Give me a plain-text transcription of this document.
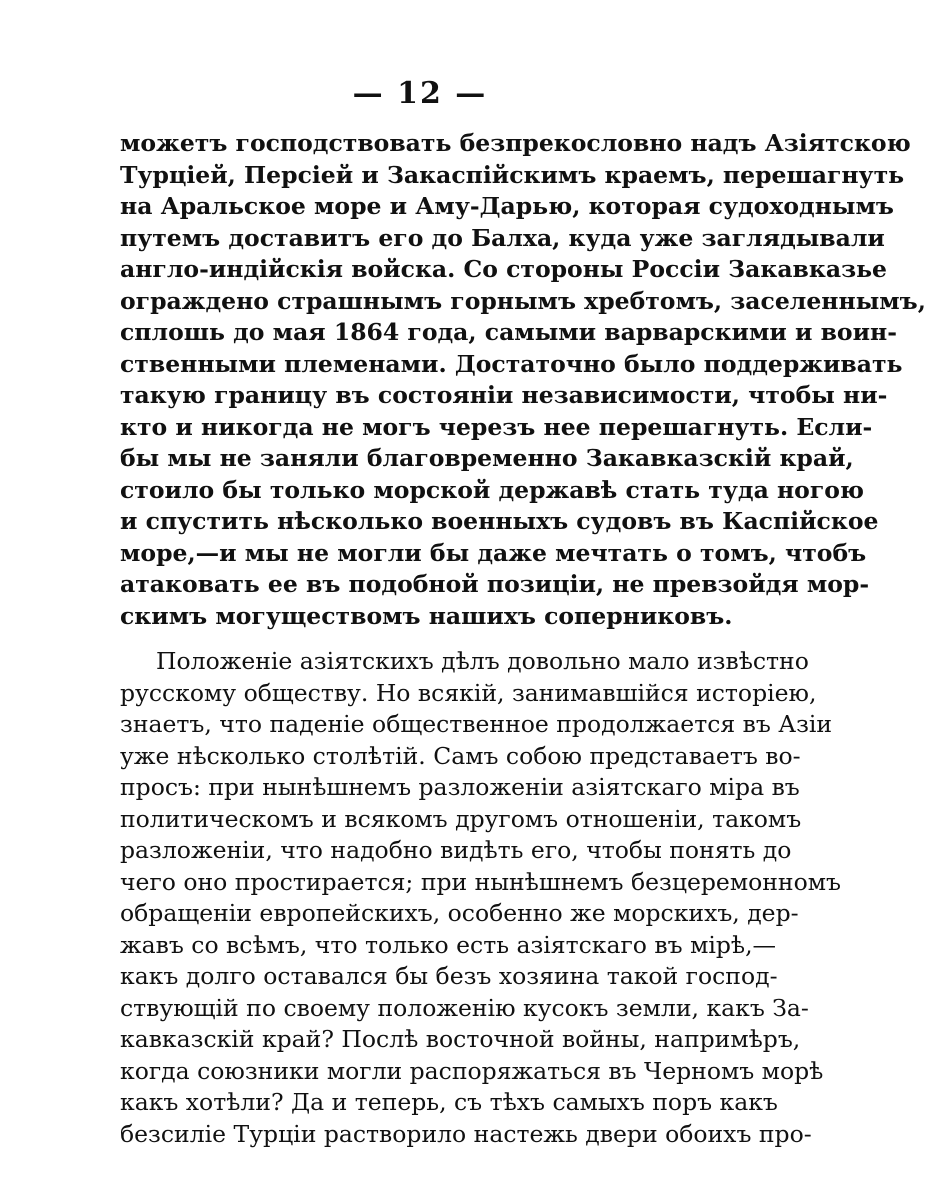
— 12 —
можетъ господствовать безпрекословно надъ Азіятскою
Турціей, Персіей и Закаспійскимъ краемъ, перешагнуть
на Аральское море и Аму-Дарью, которая судоходнымъ
путемъ доставитъ его до Балха, куда уже заглядывали
англо-индійскія войска. Со стороны Россіи Закавказье
ограждено страшнымъ горнымъ хребтомъ, заселеннымъ,
сплошь до мая 1864 года, самыми варварскими и воин-
ственными племенами. Достаточно было поддерживать
такую границу въ состояніи независимости, чтобы ни-
кто и никогда не могъ черезъ нее перешагнуть. Если-
бы мы не заняли благовременно Закавказскій край,
стоило бы только морской державѣ стать туда ногою
и спустить нѣсколько военныхъ судовъ въ Каспійское
море,—и мы не могли бы даже мечтать о томъ, чтобъ
атаковать ее въ подобной позиціи, не превзойдя мор-
скимъ могуществомъ нашихъ соперниковъ.
Положеніе азіятскихъ дѣлъ довольно мало извѣстно
русскому обществу. Но всякій, занимавшійся исторіею,
знаетъ, что паденіе общественное продолжается въ Азіи
уже нѣсколько столѣтій. Самъ собою представаетъ во-
просъ: при нынѣшнемъ разложеніи азіятскаго міра въ
политическомъ и всякомъ другомъ отношеніи, такомъ
разложеніи, что надобно видѣть его, чтобы понять до
чего оно простирается; при нынѣшнемъ безцеремонномъ
обращеніи европейскихъ, особенно же морскихъ, дер-
жавъ со всѣмъ, что только есть азіятскаго въ мірѣ,—
какъ долго оставался бы безъ хозяина такой господ-
ствующій по своему положенію кусокъ земли, какъ За-
кавказскій край? Послѣ восточной войны, напримѣръ,
когда союзники могли распоряжаться въ Черномъ морѣ
какъ хотѣли? Да и теперь, съ тѣхъ самыхъ поръ какъ
безсиліе Турціи растворило настежь двери обоихъ про-
